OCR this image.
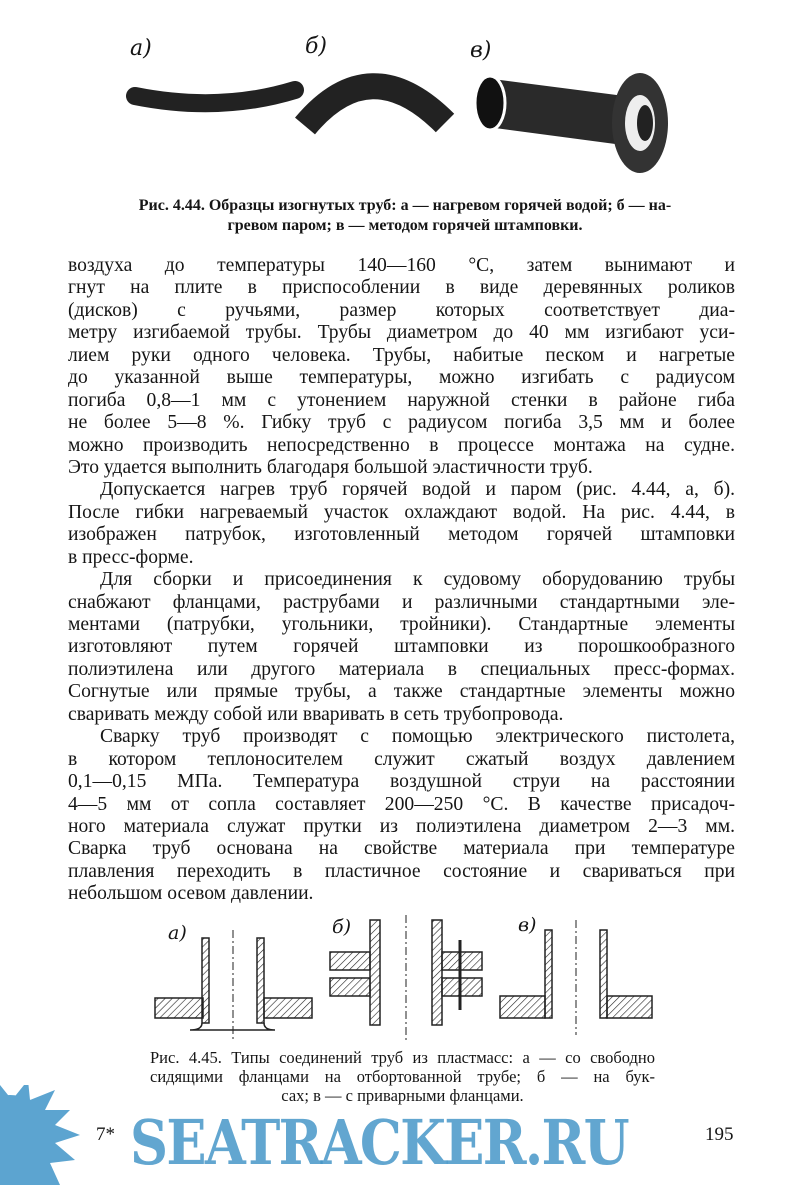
а)	б)	в)
Рис. 4.44. Образцы изогнутых труб: а — нагревом горячей водой; б — на-
гревом паром; в — методом горячей штамповки.
воздуха до температуры 140—160 °С, затем вынимают и
гнут на плите в приспособлении в виде деревянных роликов
(дисков) с ручьями, размер которых соответствует диа-
метру изгибаемой трубы. Трубы диаметром до 40 мм изгибают уси-
лием руки одного человека. Трубы, набитые песком и нагретые
до указанной выше температуры, можно изгибать с радиусом
погиба 0,8—1 мм с утонением наружной стенки в районе гиба
не более 5—8 %. Гибку труб с радиусом погиба 3,5 мм и более
можно производить непосредственно в процессе монтажа на судне.
Это удается выполнить благодаря большой эластичности труб.
Допускается нагрев труб горячей водой и паром (рис. 4.44, а, б).
После гибки нагреваемый участок охлаждают водой. На рис. 4.44, в
изображен патрубок, изготовленный методом горячей штамповки
в пресс-форме.
Для сборки и присоединения к судовому оборудованию трубы
снабжают фланцами, раструбами и различными стандартными эле-
ментами (патрубки, угольники, тройники). Стандартные элементы
изготовляют путем горячей штамповки из порошкообразного
полиэтилена или другого материала в специальных пресс-формах.
Согнутые или прямые трубы, а также стандартные элементы можно
сваривать между собой или вваривать в сеть трубопровода.
Сварку труб производят с помощью электрического пистолета,
в котором теплоносителем служит сжатый воздух давлением
0,1—0,15 МПа. Температура воздушной струи на расстоянии
4—5 мм от сопла составляет 200—250 °С. В качестве присадоч-
ного материала служат прутки из полиэтилена диаметром 2—3 мм.
Сварка труб основана на свойстве материала при температуре
плавления переходить в пластичное состояние и свариваться при
небольшом осевом давлении.
а)	б)	в)
Рис. 4.45. Типы соединений труб из пластмасс: а — со свободно
сидящими фланцами на отбортованной трубе; б — на бук-
сах; в — с приварными фланцами.
SEATRACKER.RU
7*	195
